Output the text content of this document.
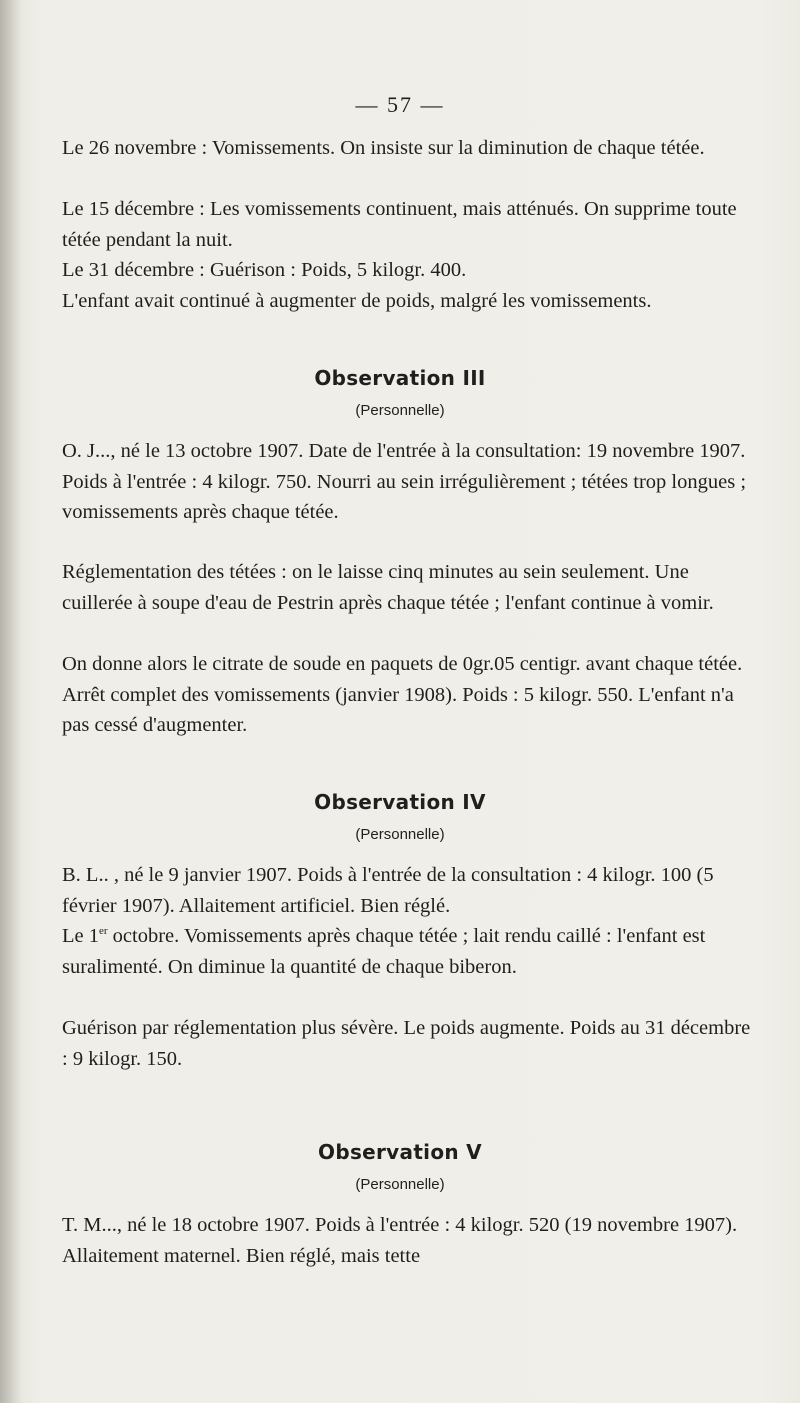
— 57 —

Le 26 novembre : Vomissements. On insiste sur la diminution de chaque tétée.

Le 15 décembre : Les vomissements continuent, mais atténués. On supprime toute tétée pendant la nuit.

Le 31 décembre : Guérison : Poids, 5 kilogr. 400.

L'enfant avait continué à augmenter de poids, malgré les vomissements.

Observation III
(Personnelle)

O. J..., né le 13 octobre 1907. Date de l'entrée à la consultation: 19 novembre 1907. Poids à l'entrée : 4 kilogr. 750. Nourri au sein irrégulièrement ; tétées trop longues ; vomissements après chaque tétée.

Réglementation des tétées : on le laisse cinq minutes au sein seulement. Une cuillerée à soupe d'eau de Pestrin après chaque tétée ; l'enfant continue à vomir.

On donne alors le citrate de soude en paquets de 0gr.05 centigr. avant chaque tétée. Arrêt complet des vomissements (janvier 1908). Poids : 5 kilogr. 550. L'enfant n'a pas cessé d'augmenter.

Observation IV
(Personnelle)

B. L.. , né le 9 janvier 1907. Poids à l'entrée de la consultation : 4 kilogr. 100 (5 février 1907). Allaitement artificiel. Bien réglé.

Le 1er octobre. Vomissements après chaque tétée ; lait rendu caillé : l'enfant est suralimenté. On diminue la quantité de chaque biberon.

Guérison par réglementation plus sévère. Le poids augmente. Poids au 31 décembre : 9 kilogr. 150.

Observation V
(Personnelle)

T. M..., né le 18 octobre 1907. Poids à l'entrée : 4 kilogr. 520 (19 novembre 1907). Allaitement maternel. Bien réglé, mais tette
